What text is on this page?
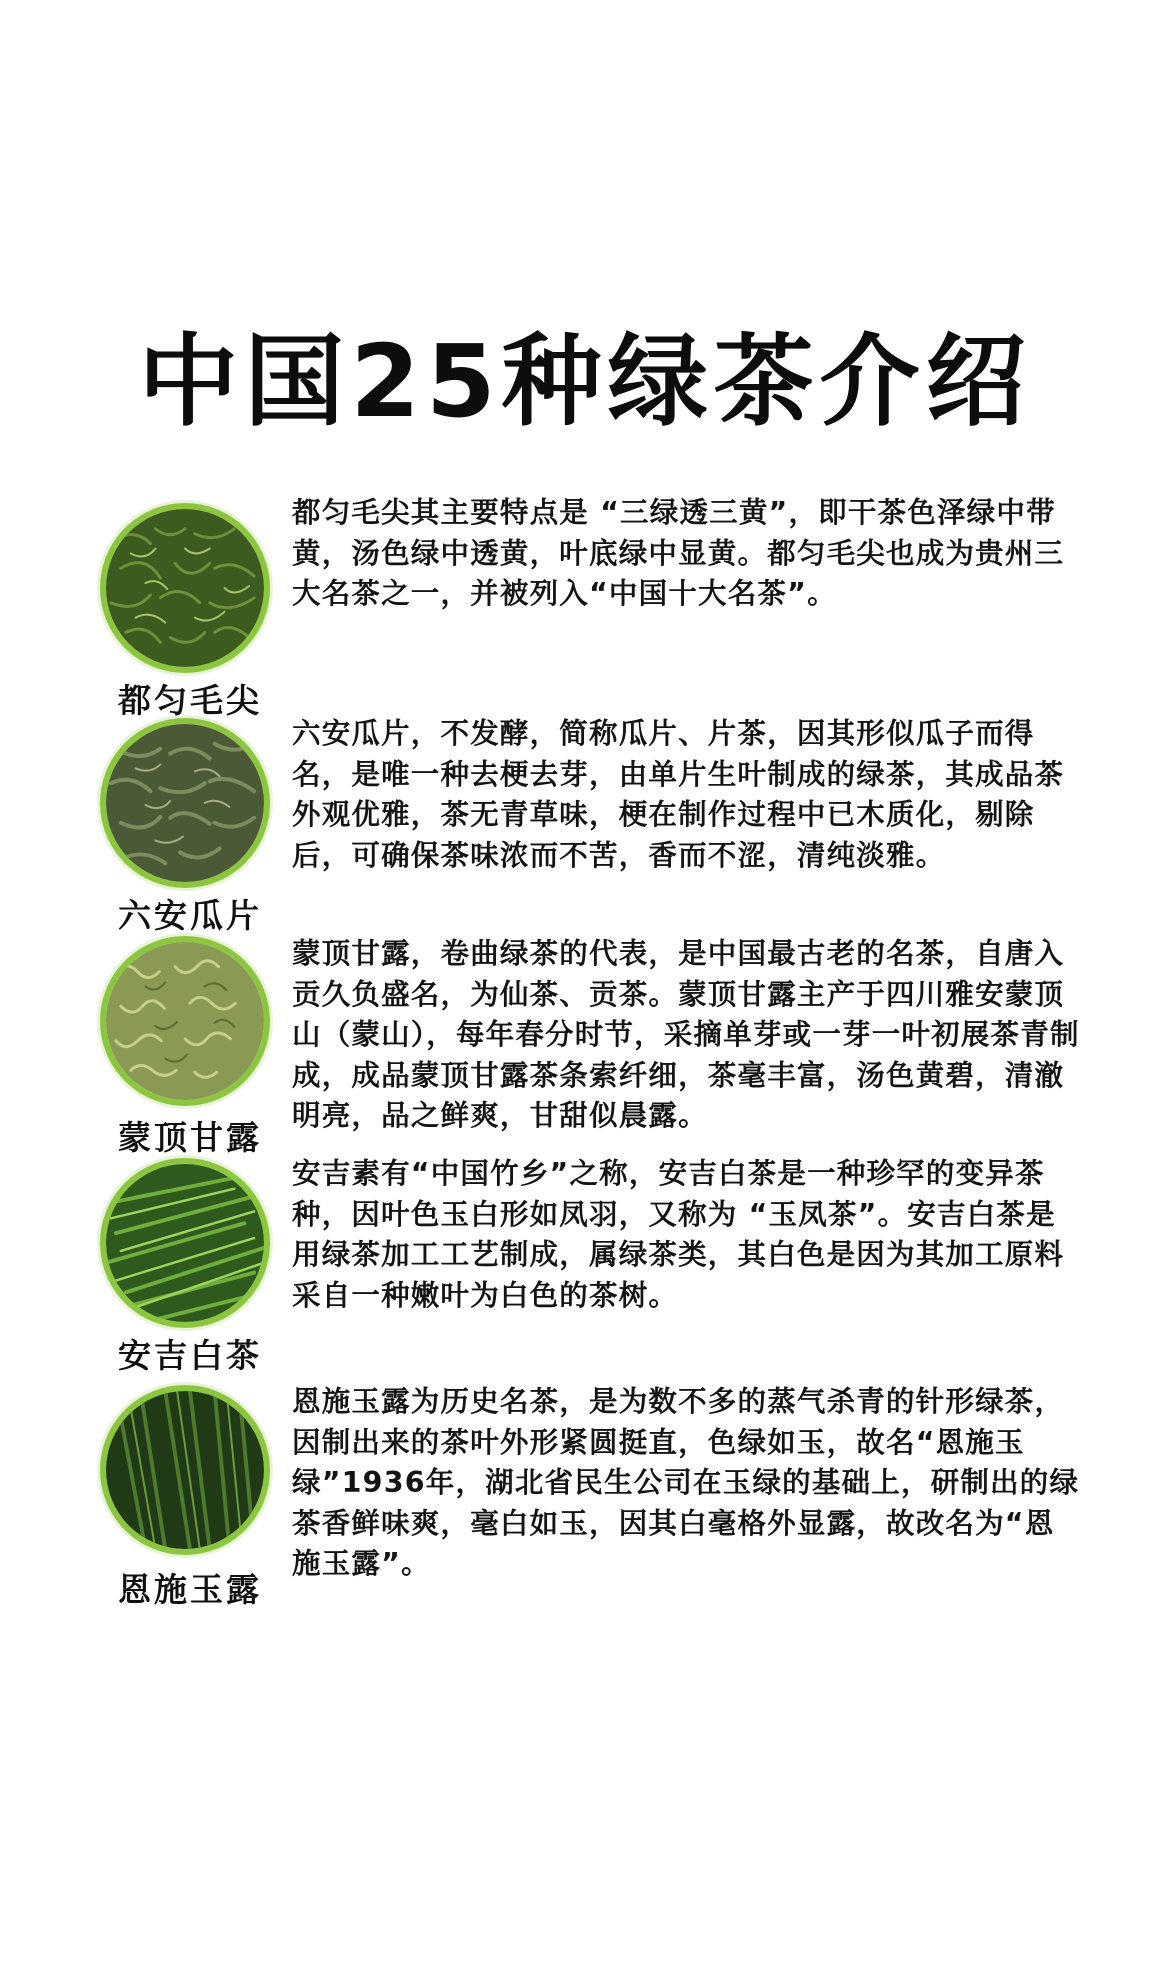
中国25种绿茶介绍
都匀毛尖
都匀毛尖其主要特点是 “三绿透三黄”，即干茶色泽绿中带黄，汤色绿中透黄，叶底绿中显黄。都匀毛尖也成为贵州三大名茶之一，并被列入“中国十大名茶”。
六安瓜片
六安瓜片，不发酵，简称瓜片、片茶，因其形似瓜子而得名，是唯一种去梗去芽，由单片生叶制成的绿茶，其成品茶外观优雅，茶无青草味，梗在制作过程中已木质化，剔除后，可确保茶味浓而不苦，香而不涩，清纯淡雅。
蒙顶甘露
蒙顶甘露，卷曲绿茶的代表，是中国最古老的名茶，自唐入贡久负盛名，为仙茶、贡茶。蒙顶甘露主产于四川雅安蒙顶山（蒙山），每年春分时节，采摘单芽或一芽一叶初展茶青制成，成品蒙顶甘露茶条索纤细，茶毫丰富，汤色黄碧，清澈明亮，品之鲜爽，甘甜似晨露。
安吉白茶
安吉素有“中国竹乡”之称，安吉白茶是一种珍罕的变异茶种，因叶色玉白形如凤羽，又称为 “玉凤茶”。安吉白茶是用绿茶加工工艺制成，属绿茶类，其白色是因为其加工原料采自一种嫩叶为白色的茶树。
恩施玉露
恩施玉露为历史名茶，是为数不多的蒸气杀青的针形绿茶，因制出来的茶叶外形紧圆挺直，色绿如玉，故名“恩施玉绿”1936年，湖北省民生公司在玉绿的基础上，研制出的绿茶香鲜味爽，毫白如玉，因其白毫格外显露，故改名为“恩施玉露”。
